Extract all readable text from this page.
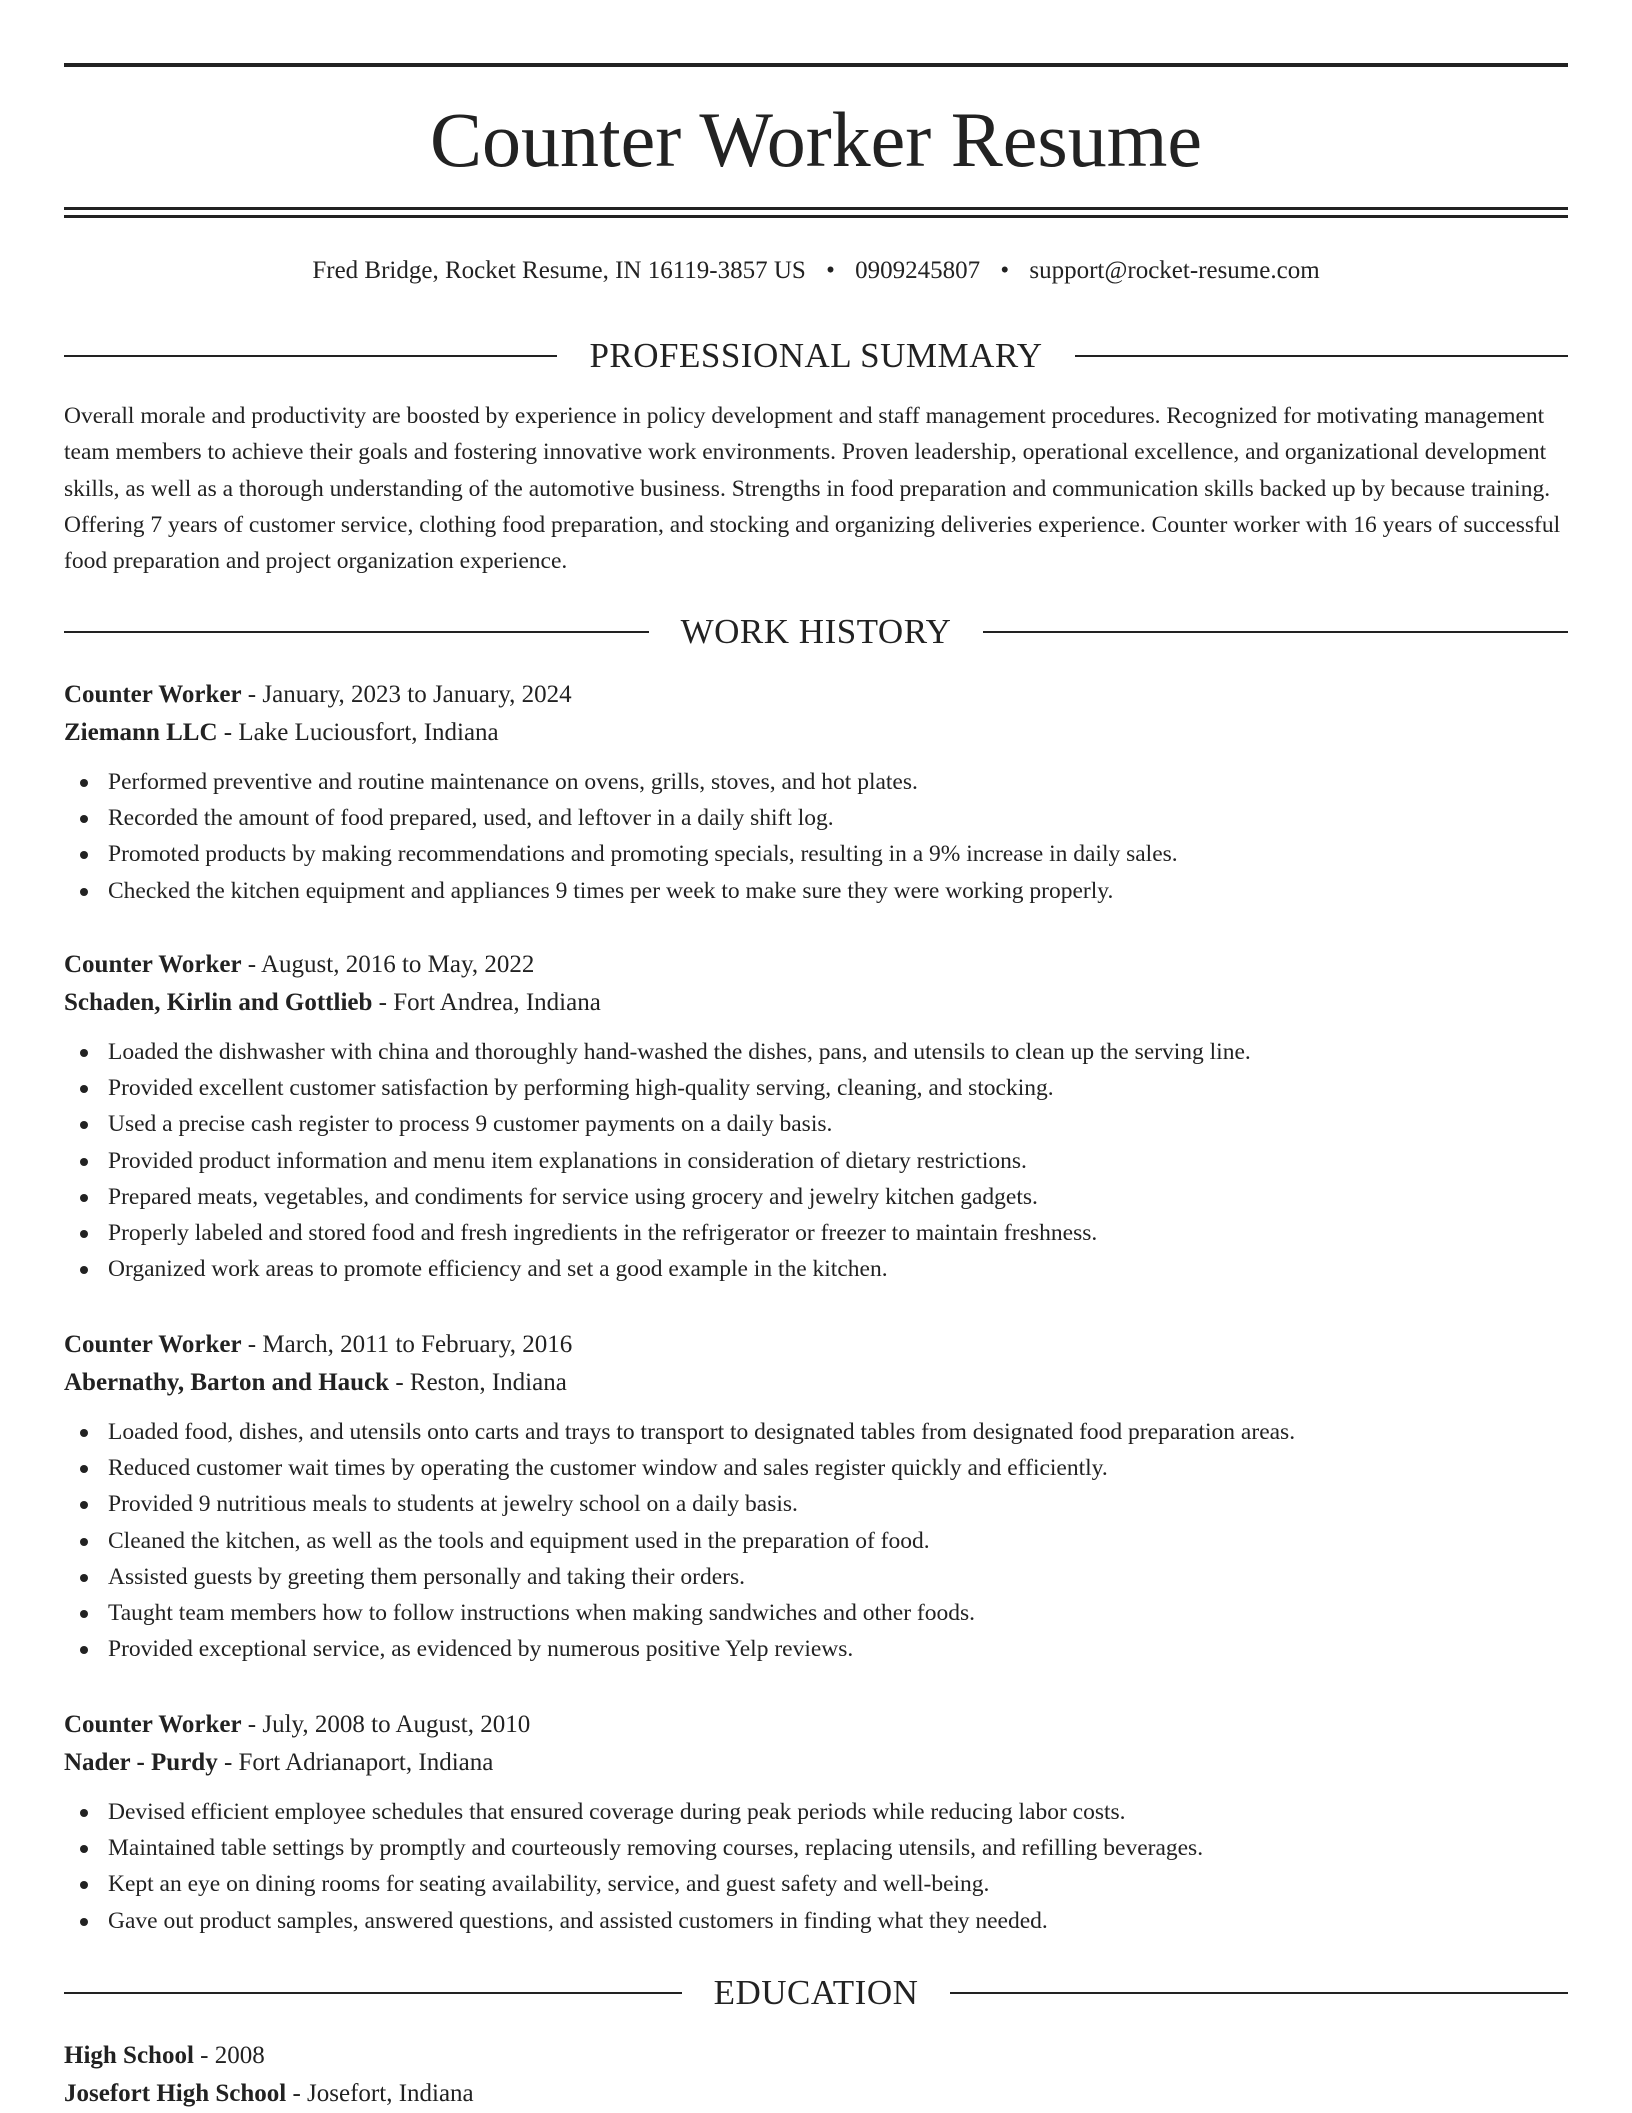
Counter Worker Resume
Fred Bridge, Rocket Resume, IN 16119-3857 US • 0909245807 • support@rocket-resume.com
PROFESSIONAL SUMMARY

Overall morale and productivity are boosted by experience in policy development and staff management procedures. Recognized for motivating management team members to achieve their goals and fostering innovative work environments. Proven leadership, operational excellence, and organizational development skills, as well as a thorough understanding of the automotive business. Strengths in food preparation and communication skills backed up by because training. Offering 7 years of customer service, clothing food preparation, and stocking and organizing deliveries experience. Counter worker with 16 years of successful food preparation and project organization experience.

WORK HISTORY
Counter Worker - January, 2023 to January, 2024
Ziemann LLC - Lake Luciousfort, Indiana
Performed preventive and routine maintenance on ovens, grills, stoves, and hot plates.
Recorded the amount of food prepared, used, and leftover in a daily shift log.
Promoted products by making recommendations and promoting specials, resulting in a 9% increase in daily sales.
Checked the kitchen equipment and appliances 9 times per week to make sure they were working properly.
Counter Worker - August, 2016 to May, 2022
Schaden, Kirlin and Gottlieb - Fort Andrea, Indiana
Loaded the dishwasher with china and thoroughly hand-washed the dishes, pans, and utensils to clean up the serving line.
Provided excellent customer satisfaction by performing high-quality serving, cleaning, and stocking.
Used a precise cash register to process 9 customer payments on a daily basis.
Provided product information and menu item explanations in consideration of dietary restrictions.
Prepared meats, vegetables, and condiments for service using grocery and jewelry kitchen gadgets.
Properly labeled and stored food and fresh ingredients in the refrigerator or freezer to maintain freshness.
Organized work areas to promote efficiency and set a good example in the kitchen.
Counter Worker - March, 2011 to February, 2016
Abernathy, Barton and Hauck - Reston, Indiana
Loaded food, dishes, and utensils onto carts and trays to transport to designated tables from designated food preparation areas.
Reduced customer wait times by operating the customer window and sales register quickly and efficiently.
Provided 9 nutritious meals to students at jewelry school on a daily basis.
Cleaned the kitchen, as well as the tools and equipment used in the preparation of food.
Assisted guests by greeting them personally and taking their orders.
Taught team members how to follow instructions when making sandwiches and other foods.
Provided exceptional service, as evidenced by numerous positive Yelp reviews.
Counter Worker - July, 2008 to August, 2010
Nader - Purdy - Fort Adrianaport, Indiana
Devised efficient employee schedules that ensured coverage during peak periods while reducing labor costs.
Maintained table settings by promptly and courteously removing courses, replacing utensils, and refilling beverages.
Kept an eye on dining rooms for seating availability, service, and guest safety and well-being.
Gave out product samples, answered questions, and assisted customers in finding what they needed.
EDUCATION
High School - 2008
Josefort High School - Josefort, Indiana
